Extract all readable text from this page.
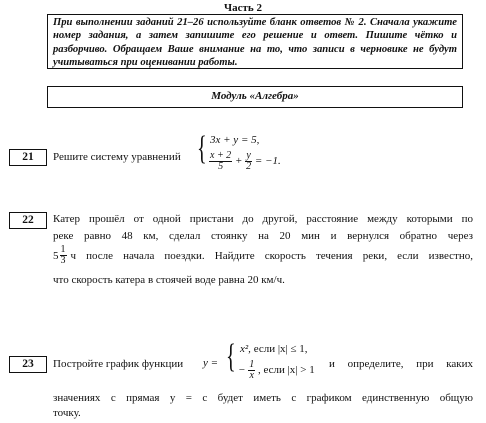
Часть 2
При выполнении заданий 21–26 используйте бланк ответов № 2. Сначала укажите номер задания, а затем запишите его решение и ответ. Пишите чётко и разборчиво. Обращаем Ваше внимание на то, что записи в черновике не будут учитываться при оценивании работы.
Модуль «Алгебра»
21	Решите систему уравнений { 3x + y = 5,
$\frac{x + 2}{5} + \frac{y}{2} = -1$.
22	Катер прошёл от одной пристани до другой, расстояние между которыми по
реке равно 48 км, сделал стоянку на 20 мин и вернулся обратно через
$5 \frac{1}{3}$ ч после начала поездки. Найдите скорость течения реки, если известно,
что скорость катера в стоячей воде равна 20 км/ч.
23	Постройте график функции y = { x², если |x| ≤ 1,
− $\frac{1}{x}$ , если |x| > 1
и определите, при каких
значениях c прямая y = c будет иметь с графиком единственную общую
точку.
